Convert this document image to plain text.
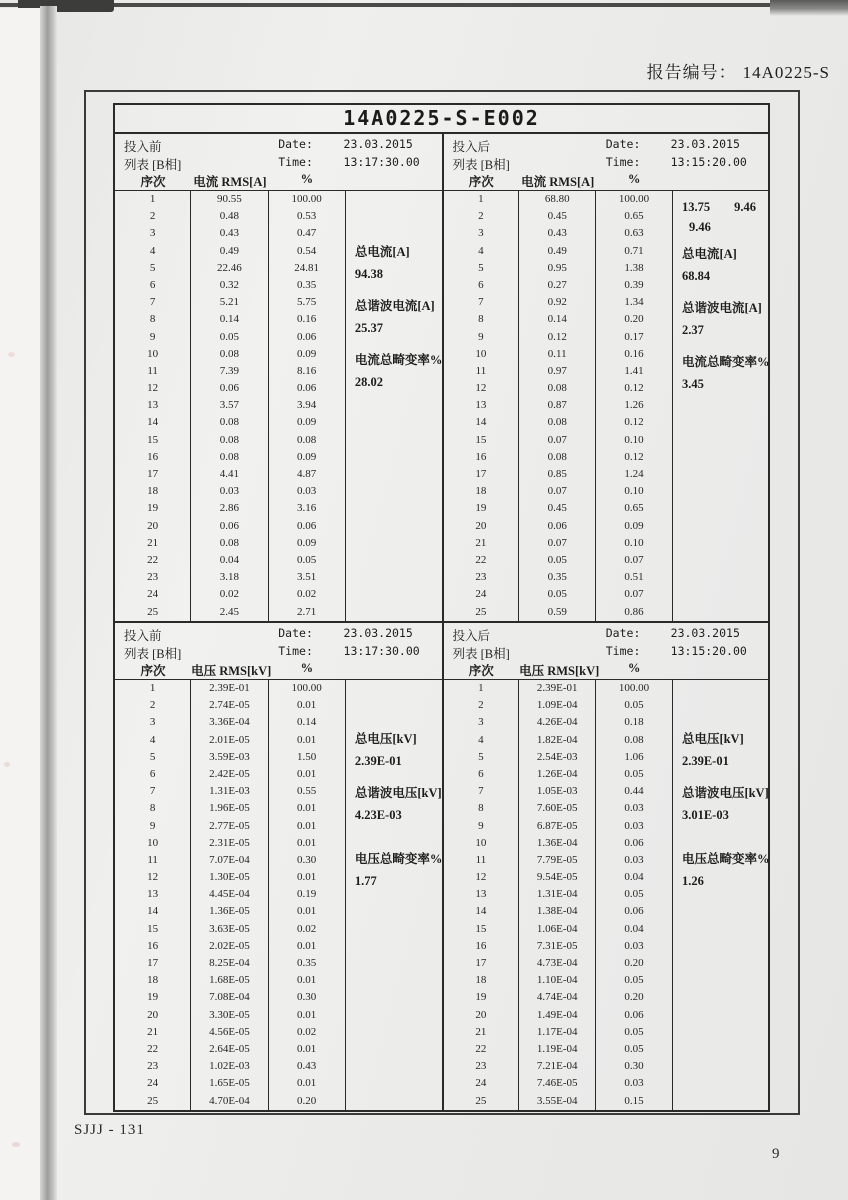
报告编号： 14A0225-S
14A0225-S-E002
投入前	Date:	23.03.2015
列表 [B相]	Time:	13:17:30.00
序次	电流 RMS[A]	%
1	90.55	100.00
2	0.48	0.53
3	0.43	0.47
4	0.49	0.54
5	22.46	24.81
6	0.32	0.35
7	5.21	5.75
8	0.14	0.16
9	0.05	0.06
10	0.08	0.09
11	7.39	8.16
12	0.06	0.06
13	3.57	3.94
14	0.08	0.09
15	0.08	0.08
16	0.08	0.09
17	4.41	4.87
18	0.03	0.03
19	2.86	3.16
20	0.06	0.06
21	0.08	0.09
22	0.04	0.05
23	3.18	3.51
24	0.02	0.02
25	2.45	2.71
总电流[A]
94.38
总谐波电流[A]
25.37
电流总畸变率%
28.02
投入后	Date:	23.03.2015
列表 [B相]	Time:	13:15:20.00
序次	电流 RMS[A]	%
1	68.80	100.00
2	0.45	0.65
3	0.43	0.63
4	0.49	0.71
5	0.95	1.38
6	0.27	0.39
7	0.92	1.34
8	0.14	0.20
9	0.12	0.17
10	0.11	0.16
11	0.97	1.41
12	0.08	0.12
13	0.87	1.26
14	0.08	0.12
15	0.07	0.10
16	0.08	0.12
17	0.85	1.24
18	0.07	0.10
19	0.45	0.65
20	0.06	0.09
21	0.07	0.10
22	0.05	0.07
23	0.35	0.51
24	0.05	0.07
25	0.59	0.86
13.75 9.46
9.46
总电流[A]
68.84
总谐波电流[A]
2.37
电流总畸变率%
3.45
投入前	Date:	23.03.2015
列表 [B相]	Time:	13:17:30.00
序次	电压 RMS[kV]	%
1	2.39E-01	100.00
2	2.74E-05	0.01
3	3.36E-04	0.14
4	2.01E-05	0.01
5	3.59E-03	1.50
6	2.42E-05	0.01
7	1.31E-03	0.55
8	1.96E-05	0.01
9	2.77E-05	0.01
10	2.31E-05	0.01
11	7.07E-04	0.30
12	1.30E-05	0.01
13	4.45E-04	0.19
14	1.36E-05	0.01
15	3.63E-05	0.02
16	2.02E-05	0.01
17	8.25E-04	0.35
18	1.68E-05	0.01
19	7.08E-04	0.30
20	3.30E-05	0.01
21	4.56E-05	0.02
22	2.64E-05	0.01
23	1.02E-03	0.43
24	1.65E-05	0.01
25	4.70E-04	0.20
总电压[kV]
2.39E-01
总谐波电压[kV]
4.23E-03
电压总畸变率%
1.77
投入后	Date:	23.03.2015
列表 [B相]	Time:	13:15:20.00
序次	电压 RMS[kV]	%
1	2.39E-01	100.00
2	1.09E-04	0.05
3	4.26E-04	0.18
4	1.82E-04	0.08
5	2.54E-03	1.06
6	1.26E-04	0.05
7	1.05E-03	0.44
8	7.60E-05	0.03
9	6.87E-05	0.03
10	1.36E-04	0.06
11	7.79E-05	0.03
12	9.54E-05	0.04
13	1.31E-04	0.05
14	1.38E-04	0.06
15	1.06E-04	0.04
16	7.31E-05	0.03
17	4.73E-04	0.20
18	1.10E-04	0.05
19	4.74E-04	0.20
20	1.49E-04	0.06
21	1.17E-04	0.05
22	1.19E-04	0.05
23	7.21E-04	0.30
24	7.46E-05	0.03
25	3.55E-04	0.15
总电压[kV]
2.39E-01
总谐波电压[kV]
3.01E-03
电压总畸变率%
1.26
SJJJ - 131
9
